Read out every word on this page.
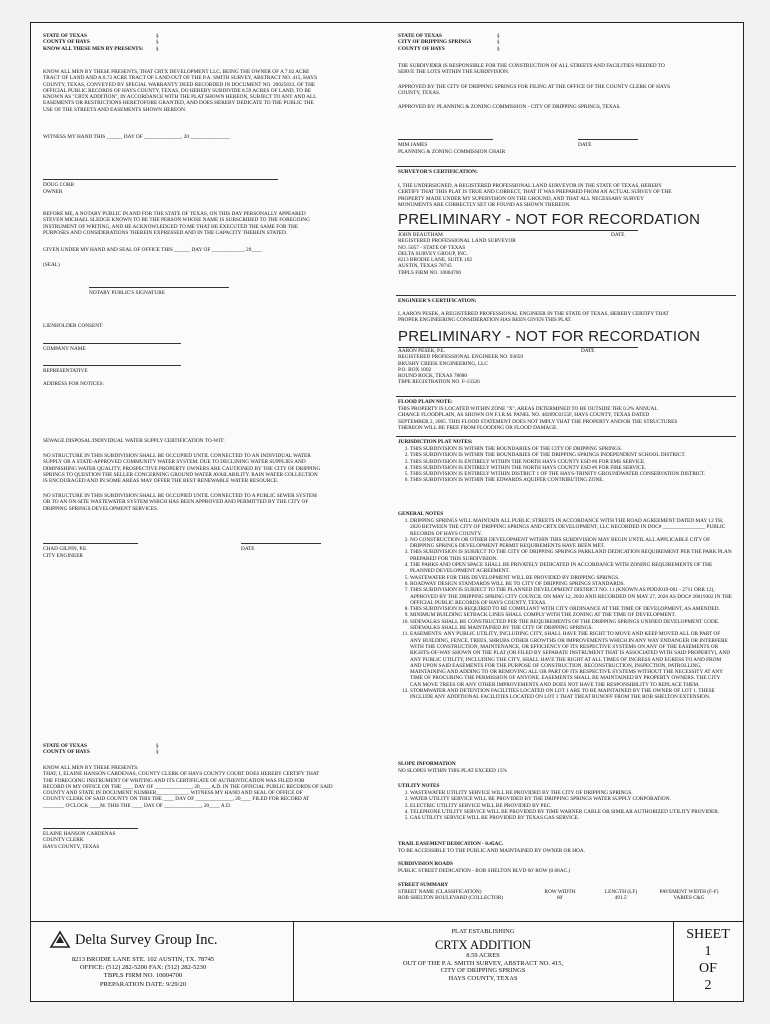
STATE OF TEXAS

COUNTY OF HAYS

KNOW ALL THESE MEN BY PRESENTS:

§
§
§

KNOW ALL MEN BY THESE PRESENTS, THAT CRTX DEVELOPMENT LLC, BEING THE OWNER OF A 7.02 ACRE

TRACT OF LAND AND A 0.73 ACRE TRACT OF LAND OUT OF THE P.A. SMITH SURVEY, ABSTRACT NO. 415, HAYS

COUNTY, TEXAS, CONVEYED BY SPECIAL WARRANTY DEED RECORDED IN DOCUMENT NO. 20025833, OF THE

OFFICIAL PUBLIC RECORDS OF HAYS COUNTY, TEXAS, DO HEREBY SUBDIVIDE 8.59 ACRES OF LAND, TO BE

KNOWN AS "CRTX ADDITION", IN ACCORDANCE WITH THE PLAT SHOWN HEREON, SUBJECT TO ANY AND ALL

EASEMENTS OR RESTRICTIONS HERETOFORE GRANTED, AND DOES HEREBY DEDICATE TO THE PUBLIC THE

USE OF THE STREETS AND EASEMENTS SHOWN HEREON.

WITNESS MY HAND THIS ______ DAY OF ______________, 20 _______________

DOUG CORB

OWNER

BEFORE ME, A NOTARY PUBLIC IN AND FOR THE STATE OF TEXAS, ON THIS DAY PERSONALLY APPEARED

STEVEN MICHAEL SLEDGE KNOWN TO BE THE PERSON WHOSE NAME IS SUBSCRIBED TO THE FOREGOING

INSTRUMENT OF WRITING, AND HE ACKNOWLEDGED TO ME THAT HE EXECUTED THE SAME FOR THE

PURPOSES AND CONSIDERATIONS THEREIN EXPRESSED AND IN THE CAPACITY THEREIN STATED.

GIVEN UNDER MY HAND AND SEAL OF OFFICE THIS ______ DAY OF ____________, 20____

(SEAL)

NOTARY PUBLIC'S SIGNATURE

LIENHOLDER CONSENT:

COMPANY NAME

REPRESENTATIVE

ADDRESS FOR NOTICES:

SEWAGE DISPOSAL/INDIVIDUAL WATER SUPPLY CERTIFICATION TO-WIT:

NO STRUCTURE IN THIS SUBDIVISION SHALL BE OCCUPIED UNTIL CONNECTED TO AN INDIVIDUAL WATER

SUPPLY OR A STATE-APPROVED COMMUNITY WATER SYSTEM. DUE TO DECLINING WATER SUPPLIES AND

DIMINISHING WATER QUALITY, PROSPECTIVE PROPERTY OWNERS ARE CAUTIONED BY THE CITY OF DRIPPING

SPRINGS TO QUESTION THE SELLER CONCERNING GROUND WATER AVAILABILITY. RAIN WATER COLLECTION

IS ENCOURAGED AND IN SOME AREAS MAY OFFER THE BEST RENEWABLE WATER RESOURCE.

NO STRUCTURE IN THIS SUBDIVISION SHALL BE OCCUPIED UNTIL CONNECTED TO A PUBLIC SEWER SYSTEM

OR TO AN ON-SITE WASTEWATER SYSTEM WHICH HAS BEEN APPROVED AND PERMITTED BY THE CITY OF

DRIPPING SPRINGS DEVELOPMENT SERVICES.

CHAD GILPIN, P.E.

CITY ENGINEER

DATE

STATE OF TEXAS

COUNTY OF HAYS

§
§

KNOW ALL MEN BY THESE PRESENTS:

THAT, I, ELAINE HANSON CARDENAS, COUNTY CLERK OF HAYS COUNTY COURT DOES HEREBY CERTIFY THAT

THE FOREGOING INSTRUMENT OF WRITING AND ITS CERTIFICATE OF AUTHENTICATION WAS FILED FOR

RECORD IN MY OFFICE ON THE ____ DAY OF ______________, 20____ A.D. IN THE OFFICIAL PUBLIC RECORDS OF SAID

COUNTY AND STATE IN DOCUMENT NUMBER____________. WITNESS MY HAND AND SEAL OF OFFICE OF

COUNTY CLERK OF SAID COUNTY ON THIS THE ____ DAY OF ______________, 20____ FILED FOR RECORD AT

________ O'CLOCK ____M. THIS THE ____ DAY OF ______________, 20____ A.D.

ELAINE HANSON CARDENAS

COUNTY CLERK

HAYS COUNTY, TEXAS

STATE OF TEXAS

CITY OF DRIPPING SPRINGS

COUNTY OF HAYS

§
§
§

THE SUBDIVIDER IS RESPONSIBLE FOR THE CONSTRUCTION OF ALL STREETS AND FACILITIES NEEDED TO

SERVE THE LOTS WITHIN THE SUBDIVISION.

APPROVED BY THE CITY OF DRIPPING SPRINGS FOR FILING AT THE OFFICE OF THE COUNTY CLERK OF HAYS

COUNTY, TEXAS.

APPROVED BY: PLANNING & ZONING COMMISSION - CITY OF DRIPPING SPRINGS, TEXAS.

MIM JAMES

PLANNING & ZONING COMMISSION CHAIR

DATE

SURVEYOR'S CERTIFICATION:

I, THE UNDERSIGNED, A REGISTERED PROFESSIONAL LAND SURVEYOR IN THE STATE OF TEXAS, HEREBY

CERTIFY THAT THIS PLAT IS TRUE AND CORRECT, THAT IT WAS PREPARED FROM AN ACTUAL SURVEY OF THE

PROPERTY MADE UNDER MY SUPERVISION ON THE GROUND, AND THAT ALL NECESSARY SURVEY

MONUMENTS ARE CORRECTLY SET OR FOUND AS SHOWN THEREON.

PRELIMINARY - NOT FOR RECORDATION

DATE

JOHN BEAUTHAM

REGISTERED PROFESSIONAL LAND SURVEYOR

NO. 5057 - STATE OF TEXAS

DELTA SURVEY GROUP, INC.

8213 BRODIE LANE, SUITE 102

AUSTIN, TEXAS 78745

TBPLS FIRM NO. 10004700

ENGINEER'S CERTIFICATION:

I, AARON PESEK, A REGISTERED PROFESSIONAL ENGINEER IN THE STATE OF TEXAS, HEREBY CERTIFY THAT

PROPER ENGINEERING CONSIDERATION HAS BEEN GIVEN THIS PLAT.

PRELIMINARY - NOT FOR RECORDATION

DATE

AARON PESEK, P.E.

REGISTERED PROFESSIONAL ENGINEER NO. 93659

BRUSHY CREEK ENGINEERING, LLC

P.O. BOX 1002

ROUND ROCK, TEXAS 78680

TBPE REGISTRATION NO. F-13326

FLOOD PLAIN NOTE:

THIS PROPERTY IS LOCATED WITHIN ZONE "X", AREAS DETERMINED TO BE OUTSIDE THE 0.2% ANNUAL

CHANCE FLOODPLAIN, AS SHOWN ON F.I.R.M. PANEL NO. 48209C0155F, HAYS COUNTY, TEXAS DATED

SEPTEMBER 2, 2005. THIS FLOOD STATEMENT DOES NOT IMPLY THAT THE PROPERTY AND/OR THE STRUCTURES

THEREON WILL BE FREE FROM FLOODING OR FLOOD DAMAGE.

JURISDICTION PLAT NOTES:

1. THIS SUBDIVISION IS WITHIN THE BOUNDARIES OF THE CITY OF DRIPPING SPRINGS.
2. THIS SUBDIVISION IS WITHIN THE BOUNDARIES OF THE DRIPPING SPRINGS INDEPENDENT SCHOOL DISTRICT.
3. THIS SUBDIVISION IS ENTIRELY WITHIN THE NORTH HAYS COUNTY ESD #6 FOR EMS SERVICE.
4. THIS SUBDIVISION IS ENTIRELY WITHIN THE NORTH HAYS COUNTY ESD #6 FOR FIRE SERVICE.
5. THIS SUBDIVISION IS ENTIRELY WITHIN DISTRICT 1 OF THE HAYS-TRINITY GROUNDWATER CONSERVATION DISTRICT.
6. THIS SUBDIVISION IS WITHIN THE EDWARDS AQUIFER CONTRIBUTING ZONE.

GENERAL NOTES

1. DRIPPING SPRINGS WILL MAINTAIN ALL PUBLIC STREETS IN ACCORDANCE WITH THE ROAD AGREEMENT DATED MAY 12 TH, 2020 BETWEEN THE CITY OF DRIPPING SPRINGS AND CRTX DEVELOPMENT, LLC RECORDED IN DOC# ________________ PUBLIC RECORDS OF HAYS COUNTY.
2. NO CONSTRUCTION OR OTHER DEVELOPMENT WITHIN THIS SUBDIVISION MAY BEGIN UNTIL ALL APPLICABLE CITY OF DRIPPING SPRINGS DEVELOPMENT PERMIT REQUIREMENTS HAVE BEEN MET.
3. THIS SUBDIVISION IS SUBJECT TO THE CITY OF DRIPPING SPRINGS PARKLAND DEDICATION REQUIREMENT PER THE PARK PLAN PREPARED FOR THIS SUBDIVISION.
4. THE PARKS AND OPEN SPACE SHALL BE PRIVATELY DEDICATED IN ACCORDANCE WITH ZONING REQUIREMENTS OF THE PLANNED DEVELOPMENT AGREEMENT.
5. WASTEWATER FOR THIS DEVELOPMENT WILL BE PROVIDED BY DRIPPING SPRINGS.
6. ROADWAY DESIGN STANDARDS WILL BE TO CITY OF DRIPPING SPRINGS STANDARDS.
7. THIS SUBDIVISION IS SUBJECT TO THE PLANNED DEVELOPMENT DISTRICT NO. 11 (KNOWN AS PDD2019-001 - 2711 ORR 12), APPROVED BY THE DRIPPING SPRING CITY COUNCIL ON MAY 12, 2020 AND RECORDED ON MAY 27, 2020 AS DOC# 20019302 IN THE OFFICIAL PUBLIC RECORDS OF HAYS COUNTY, TEXAS.
8. THIS SUBDIVISION IS REQUIRED TO BE COMPLIANT WITH CITY ORDINANCE AT THE TIME OF DEVELOPMENT, AS AMENDED.
9. MINIMUM BUILDING SETBACK LINES SHALL COMPLY WITH THE ZONING AT THE TIME OF DEVELOPMENT.
10. SIDEWALKS SHALL BE CONSTRUCTED PER THE REQUIREMENTS OF THE DRIPPING SPRINGS UNIFIED DEVELOPMENT CODE. SIDEWALKS SHALL BE MAINTAINED BY THE CITY OF DRIPPING SPRINGS.
11. EASEMENTS: ANY PUBLIC UTILITY, INCLUDING CITY, SHALL HAVE THE RIGHT TO MOVE AND KEEP MOVED ALL OR PART OF ANY BUILDING, FENCE, TREES, SHRUBS OTHER GROWTHS OR IMPROVEMENTS WHICH IN ANY WAY ENDANGER OR INTERFERE WITH THE CONSTRUCTION, MAINTENANCE, OR EFFICIENCY OF ITS RESPECTIVE SYSTEMS ON ANY OF THE EASEMENTS OR RIGHTS-OF-WAY SHOWN ON THE PLAT (OR FILED BY SEPARATE INSTRUMENT THAT IS ASSOCIATED WITH SAID PROPERTY), AND ANY PUBLIC UTILITY, INCLUDING THE CITY, SHALL HAVE THE RIGHT AT ALL TIMES OF INGRESS AND EGRESS TO AND FROM AND UPON SAID EASEMENTS FOR THE PURPOSE OF CONSTRUCTION, RECONSTRUCTION, INSPECTION, PATROLLING, MAINTAINING AND ADDING TO OR REMOVING ALL OR PART OF ITS RESPECTIVE SYSTEMS WITHOUT THE NECESSITY AT ANY TIME OF PROCURING THE PERMISSION OF ANYONE. EASEMENTS SHALL BE MAINTAINED BY PROPERTY OWNERS. THE CITY CAN MOVE TREES OR ANY OTHER IMPROVEMENTS AND DOES NOT HAVE THE RESPONSIBILITY TO REPLACE THEM.
12. STORMWATER AND DETENTION FACILITIES LOCATED ON LOT 1 ARE TO BE MAINTAINED BY THE OWNER OF LOT 1. THESE INCLUDE ANY ADDITIONAL FACILITIES LOCATED ON LOT 1 THAT TREAT RUNOFF FROM THE ROB SHELTON EXTENSION.

SLOPE INFORMATION

NO SLOPES WITHIN THIS PLAT EXCEED 15%

UTILITY NOTES

1. WASTEWATER UTILITY SERVICE WILL BE PROVIDED BY THE CITY OF DRIPPING SPRINGS.
2. WATER UTILITY SERVICE WILL BE PROVIDED BY THE DRIPPING SPRINGS WATER SUPPLY CORPORATION.
3. ELECTRIC UTILITY SERVICE WILL BE PROVIDED BY PEC.
4. TELEPHONE UTILITY SERVICE WILL BE PROVIDED BY TIME WARNER CABLE OR SIMILAR AUTHORIZED UTILITY PROVIDER.
5. GAS UTILITY SERVICE WILL BE PROVIDED BY TEXAS GAS SERVICE.

TRAIL EASEMENT DEDICATION - 0.45AC.

TO BE ACCESSIBLE TO THE PUBLIC AND MAINTAINED BY OWNER OR HOA.

SUBDIVISION ROADS

PUBLIC STREET DEDICATION - ROB SHELTON BLVD 60' ROW (0.68AC.)

STREET SUMMARY

STREET NAME (CLASSIFICATION)	ROW WIDTH	LENGTH (LF)	PAVEMENT WIDTH (F-F)
ROB SHELTON BOULEVARD (COLLECTOR)	60'	491.5'	VARIES C&G
Delta Survey Group Inc.
8213 BRODIE LANE STE. 102 AUSTIN, TX. 78745
OFFICE: (512) 282-5200 FAX: (512) 282-5230
TBPLS FIRM NO. 10004700
PREPARATION DATE: 9/29/20
PLAT ESTABLISHING
CRTX ADDITION
8.59 ACRES
OUT OF THE P.A. SMITH SURVEY, ABSTRACT NO. 415,
CITY OF DRIPPING SPRINGS
HAYS COUNTY, TEXAS
SHEET
1
OF
2
